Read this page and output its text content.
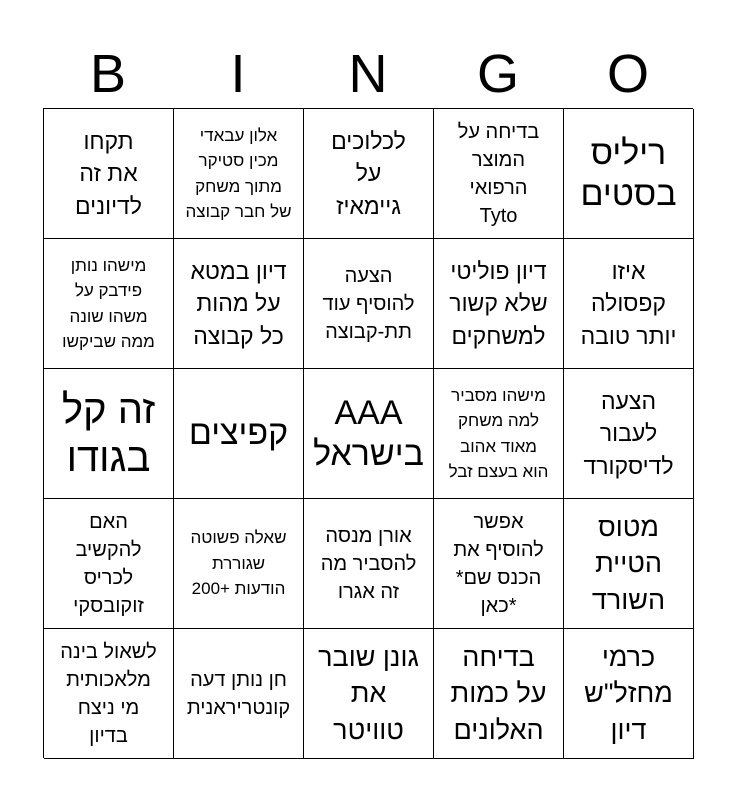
B	I	N	G	O
תקחו
את זה
לדיונים
אלון עבאדי
מכין סטיקר
מתוך משחק
של חבר קבוצה
לכלוכים
על
גיימאיז
בדיחה על
המוצר
הרפואי
Tyto
ריליס
בסטים
מישהו נותן
פידבק על
משהו שונה
ממה שביקשו
דיון במטא
על מהות
כל קבוצה
הצעה
להוסיף עוד
תת-קבוצה
דיון פוליטי
שלא קשור
למשחקים
איזו
קפסולה
יותר טובה
זה קל
בגודו
קפיצים
AAA
בישראל
מישהו מסביר
למה משחק
מאוד אהוב
הוא בעצם זבל
הצעה
לעבור
לדיסקורד
האם
להקשיב
לכריס
זוקובסקי
שאלה פשוטה
שגוררת
הודעות +200
אורן מנסה
להסביר מה
זה אגרו
אפשר
להוסיף את
הכנס שם*
*כאן
מטוס
הטיית
השורד
לשאול בינה
מלאכותית
מי ניצח
בדיון
חן נותן דעה
קונטריראנית
גונן שובר
את
טוויטר
בדיחה
על כמות
האלונים
כרמי
מחזל"ש
דיון
